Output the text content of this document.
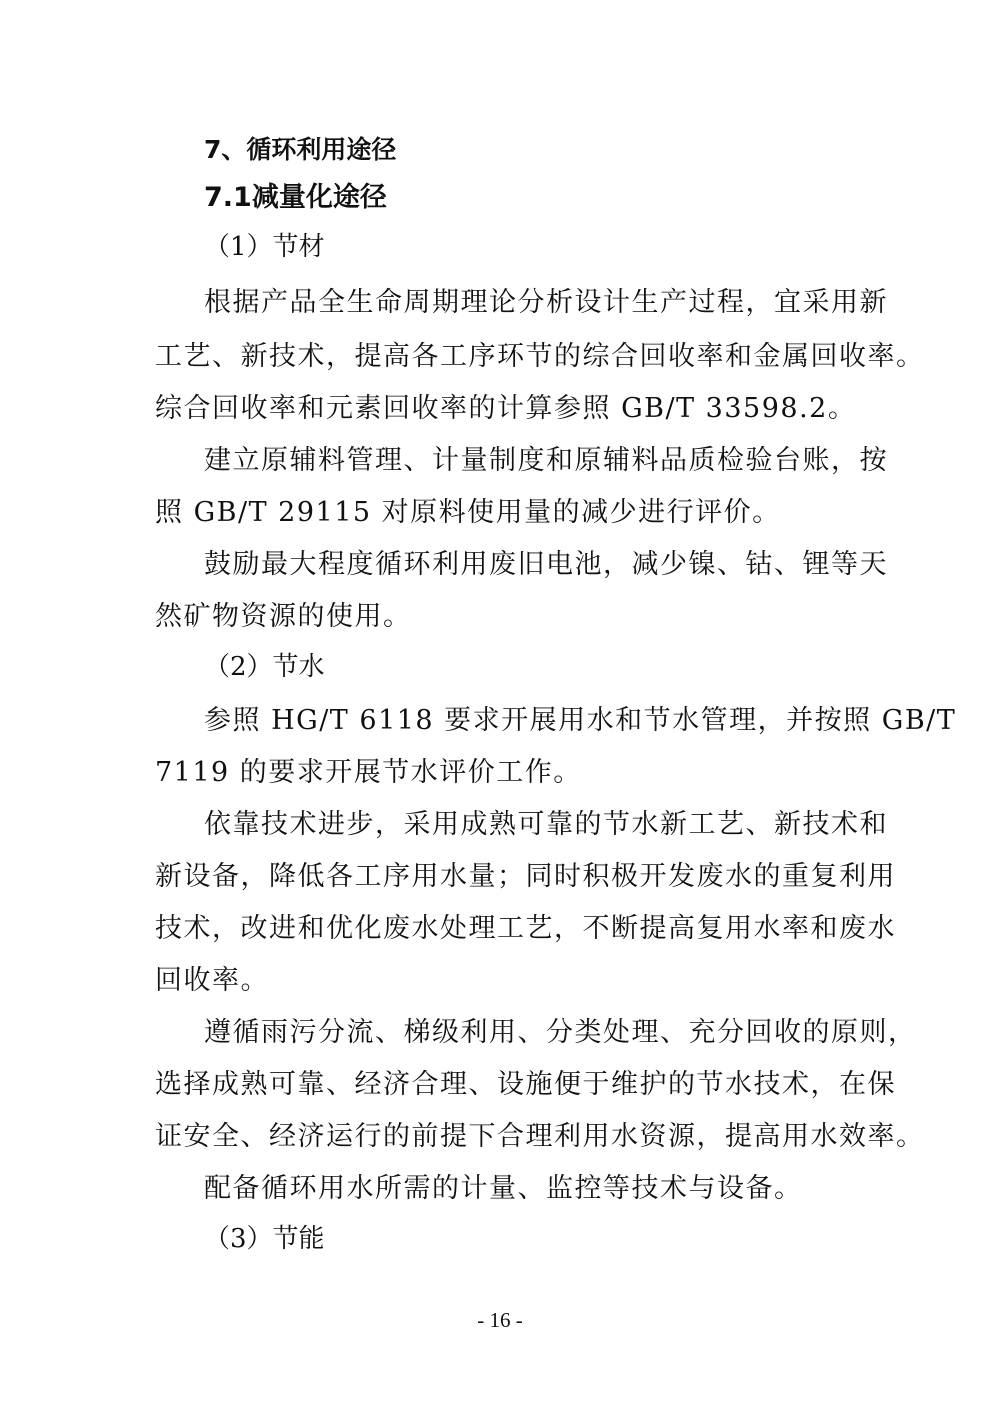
7、循环利用途径
7.1减量化途径
（1）节材
根据产品全生命周期理论分析设计生产过程，宜采用新
工艺、新技术，提高各工序环节的综合回收率和金属回收率。
综合回收率和元素回收率的计算参照 GB/T 33598.2。
建立原辅料管理、计量制度和原辅料品质检验台账，按
照 GB/T 29115 对原料使用量的减少进行评价。
鼓励最大程度循环利用废旧电池，减少镍、钴、锂等天
然矿物资源的使用。
（2）节水
参照 HG/T 6118 要求开展用水和节水管理，并按照 GB/T
7119 的要求开展节水评价工作。
依靠技术进步，采用成熟可靠的节水新工艺、新技术和
新设备，降低各工序用水量；同时积极开发废水的重复利用
技术，改进和优化废水处理工艺，不断提高复用水率和废水
回收率。
遵循雨污分流、梯级利用、分类处理、充分回收的原则，
选择成熟可靠、经济合理、设施便于维护的节水技术，在保
证安全、经济运行的前提下合理利用水资源，提高用水效率。
配备循环用水所需的计量、监控等技术与设备。
（3）节能
- 16 -
